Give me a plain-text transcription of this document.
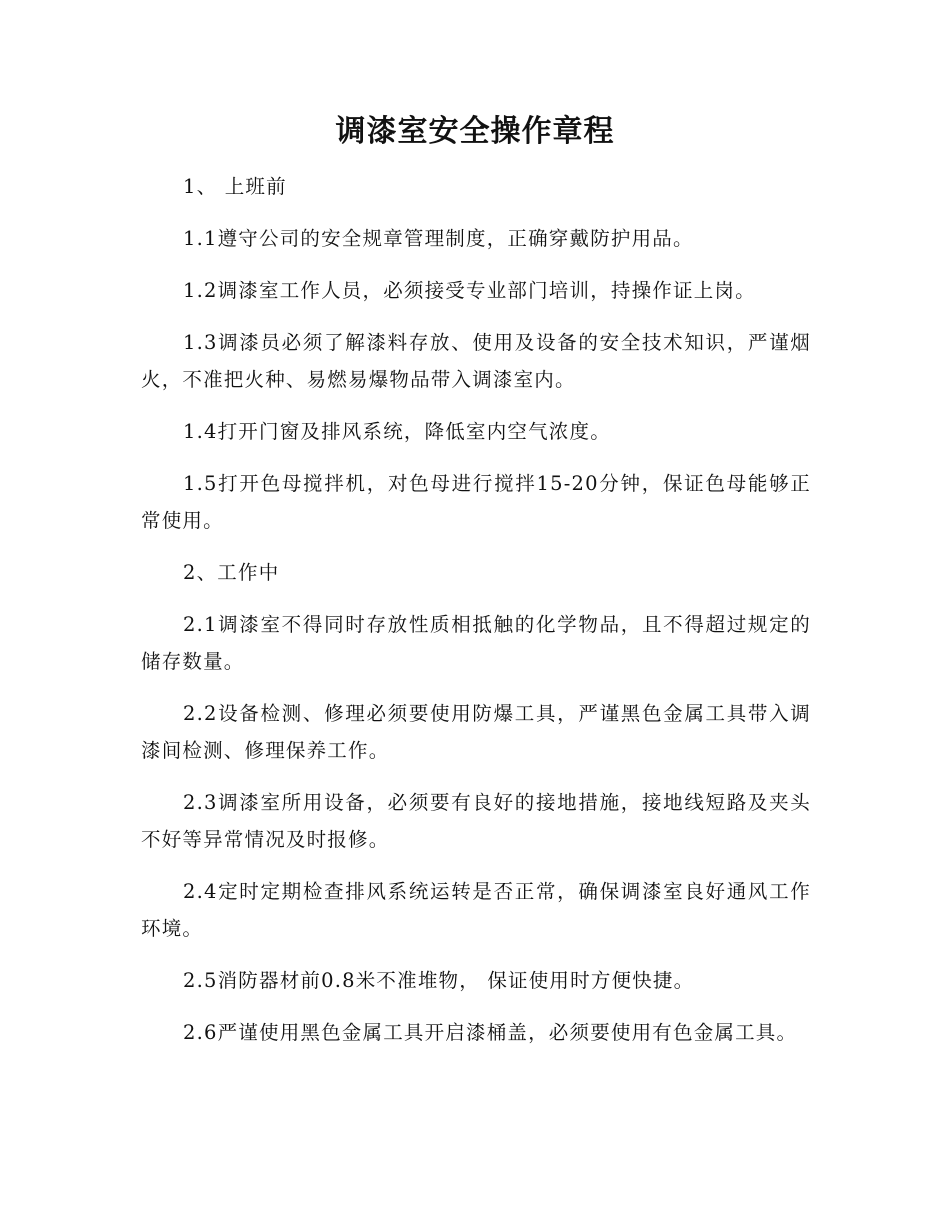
调漆室安全操作章程

1、 上班前

1.1遵守公司的安全规章管理制度，正确穿戴防护用品。

1.2调漆室工作人员，必须接受专业部门培训，持操作证上岗。

1.3调漆员必须了解漆料存放、使用及设备的安全技术知识，严谨烟火，不准把火种、易燃易爆物品带入调漆室内。

1.4打开门窗及排风系统，降低室内空气浓度。

1.5打开色母搅拌机，对色母进行搅拌15-20分钟，保证色母能够正常使用。

2、工作中

2.1调漆室不得同时存放性质相抵触的化学物品，且不得超过规定的储存数量。

2.2设备检测、修理必须要使用防爆工具，严谨黑色金属工具带入调漆间检测、修理保养工作。

2.3调漆室所用设备，必须要有良好的接地措施，接地线短路及夹头不好等异常情况及时报修。

2.4定时定期检查排风系统运转是否正常，确保调漆室良好通风工作环境。

2.5消防器材前0.8米不准堆物， 保证使用时方便快捷。

2.6严谨使用黑色金属工具开启漆桶盖，必须要使用有色金属工具。
